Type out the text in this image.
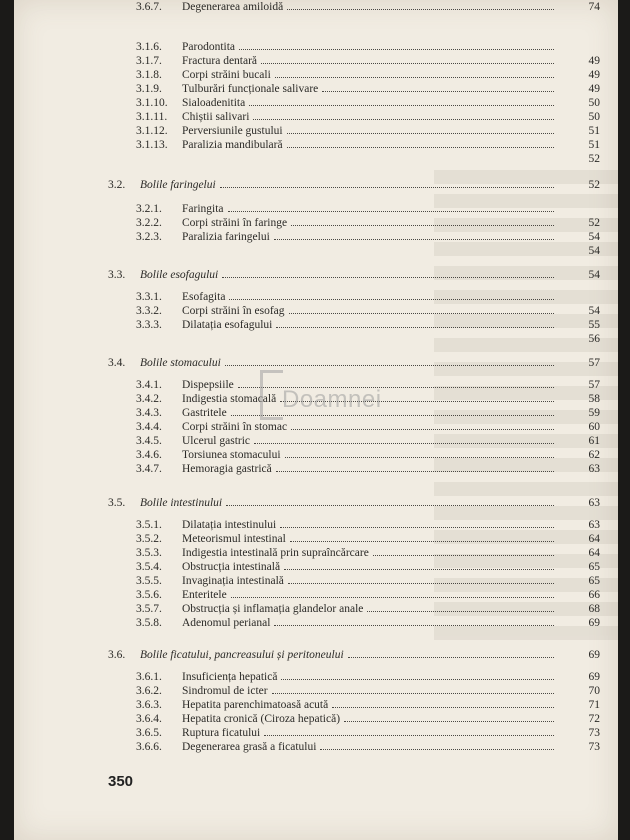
3.1.6. Parodontita
3.1.7. Fractura dentară	49
3.1.8. Corpi străini bucali	49
3.1.9. Tulburări funcționale salivare	49
3.1.10. Sialoadenitita	50
3.1.11. Chiștii salivari	50
3.1.12. Perversiunile gustului	51
3.1.13. Paralizia mandibulară	51
52
3.2. Bolile faringelui	52
3.2.1. Faringita
3.2.2. Corpi străini în faringe	52
3.2.3. Paralizia faringelui	54
54
3.3. Bolile esofagului	54
3.3.1. Esofagita
3.3.2. Corpi străini în esofag	54
3.3.3. Dilatația esofagului	55
56
3.4. Bolile stomacului	57
3.4.1. Dispepsiile	57
3.4.2. Indigestia stomacală	58
3.4.3. Gastritele	59
3.4.4. Corpi străini în stomac	60
3.4.5. Ulcerul gastric	61
3.4.6. Torsiunea stomacului	62
3.4.7. Hemoragia gastrică	63
3.5. Bolile intestinului	63
3.5.1. Dilatația intestinului	63
3.5.2. Meteorismul intestinal	64
3.5.3. Indigestia intestinală prin supraîncărcare	64
3.5.4. Obstrucția intestinală	65
3.5.5. Invaginația intestinală	65
3.5.6. Enteritele	66
3.5.7. Obstrucția și inflamația glandelor anale	68
3.5.8. Adenomul perianal	69
3.6. Bolile ficatului, pancreasului și peritoneului	69
3.6.1. Insuficiența hepatică	69
3.6.2. Sindromul de icter	70
3.6.3. Hepatita parenchimatoasă acută	71
3.6.4. Hepatita cronică (Ciroza hepatică)	72
3.6.5. Ruptura ficatului	73
3.6.6. Degenerarea grasă a ficatului	73
3.6.7. Degenerarea amiloidă	74
Doamnei
350
